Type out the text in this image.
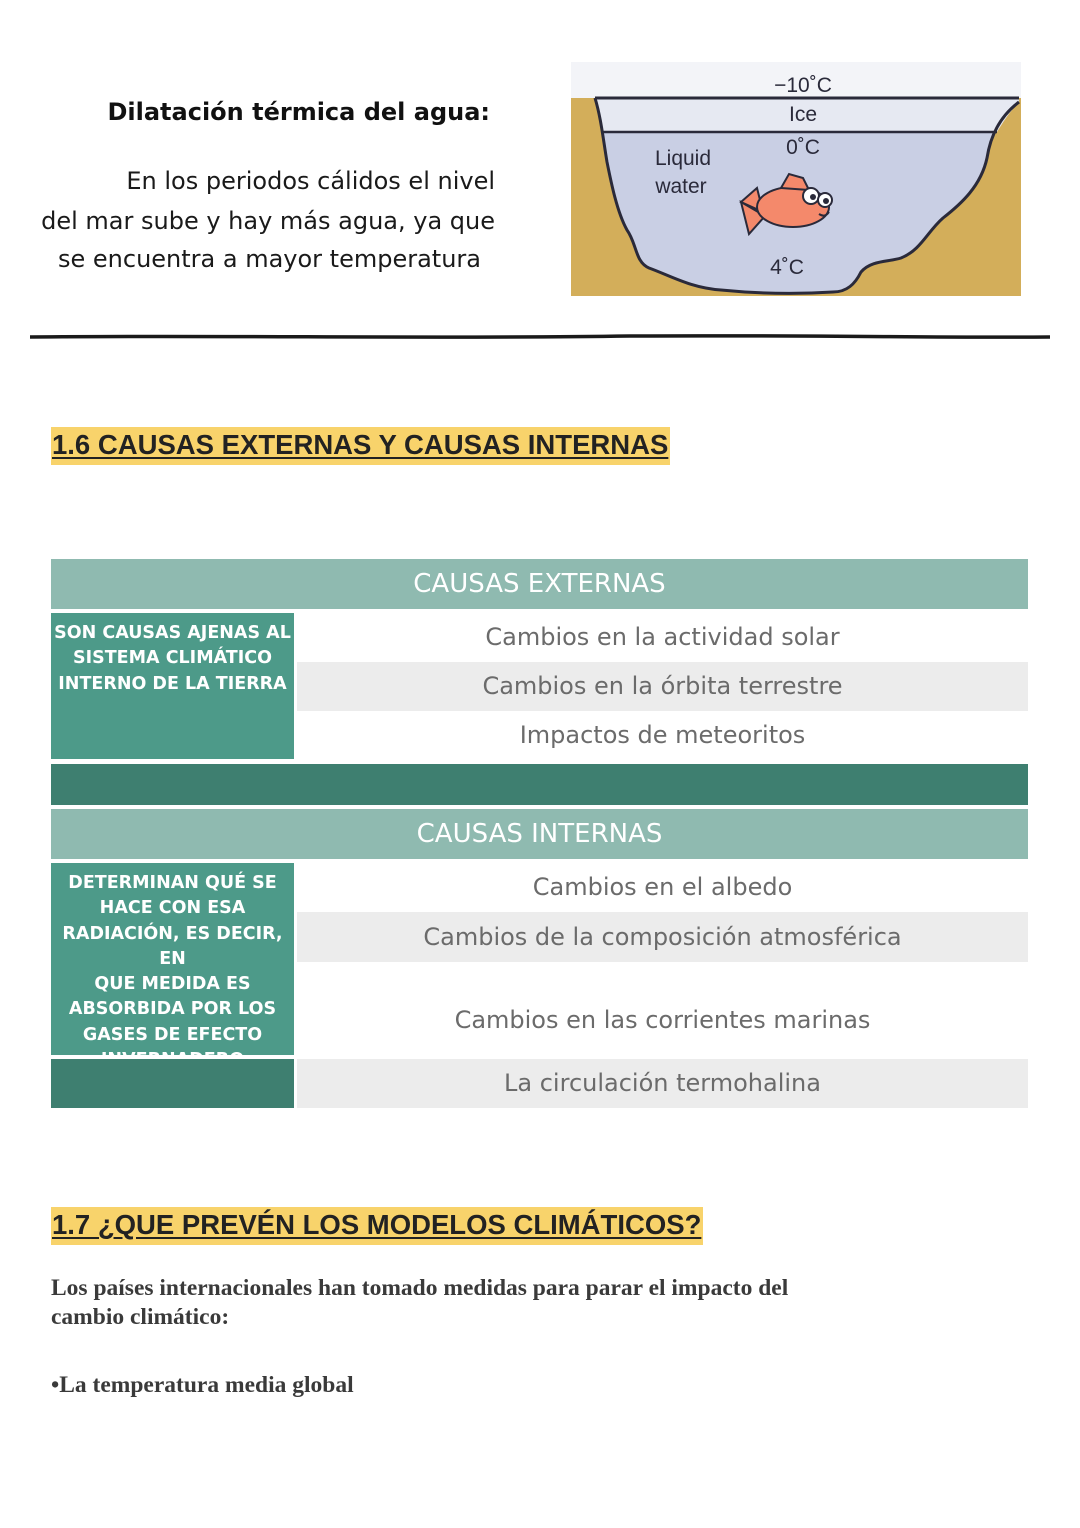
Dilatación térmica del agua:
En los periodos cálidos el nivel
del mar sube y hay más agua, ya que
se encuentra a mayor temperatura
−10˚C
Ice
0˚C
Liquid
water
4˚C
1.6 CAUSAS EXTERNAS Y CAUSAS INTERNAS
CAUSAS EXTERNAS
SON CAUSAS AJENAS AL
SISTEMA CLIMÁTICO
INTERNO DE LA TIERRA
Cambios en la actividad solar
Cambios en la órbita terrestre
Impactos de meteoritos
CAUSAS INTERNAS
DETERMINAN QUÉ SE
HACE CON ESA
RADIACIÓN, ES DECIR, EN
QUE MEDIDA ES
ABSORBIDA POR LOS
GASES DE EFECTO
Cambios en el albedo
Cambios de la composición atmosférica
Cambios en las corrientes marinas
La circulación termohalina
1.7 ¿QUE PREVÉN LOS MODELOS CLIMÁTICOS?
Los países internacionales han tomado medidas para parar el impacto del
cambio climático:
•La temperatura media global
